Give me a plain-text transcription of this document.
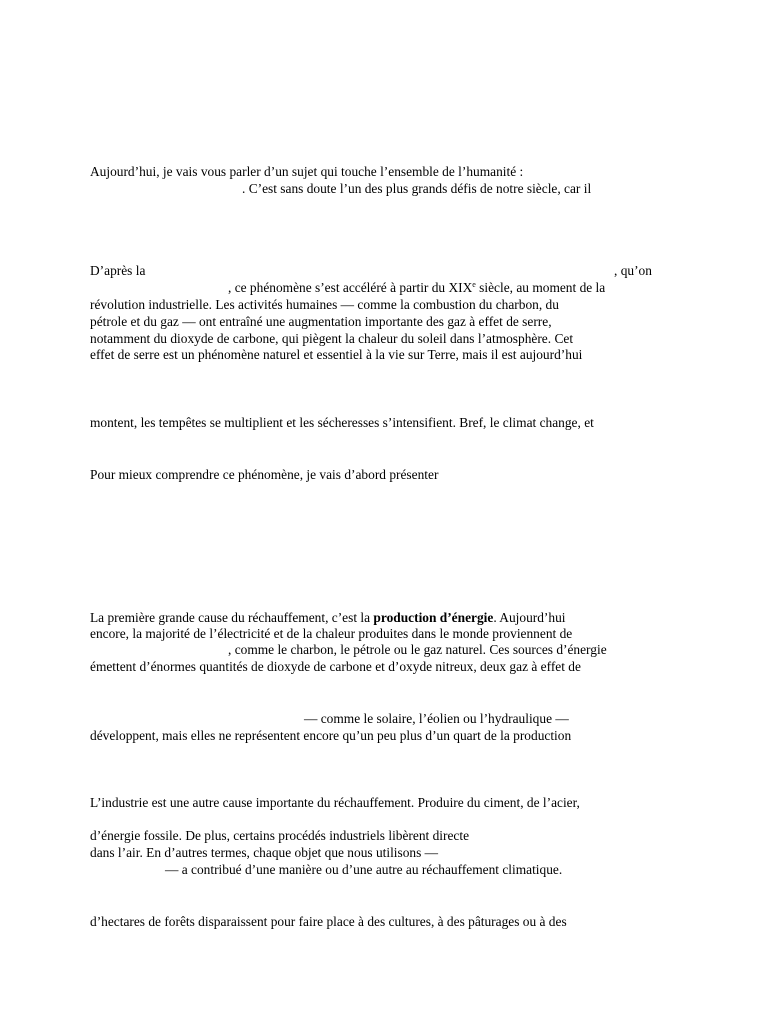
Aujourd’hui, je vais vous parler d’un sujet qui touche l’ensemble de l’humanité :

. C’est sans doute l’un des plus grands défis de notre siècle, car il

D’après la	, qu’on

, ce phénomène s’est accéléré à partir du XIXe siècle, au moment de la

révolution industrielle. Les activités humaines — comme la combustion du charbon, du

pétrole et du gaz — ont entraîné une augmentation importante des gaz à effet de serre,

notamment du dioxyde de carbone, qui piègent la chaleur du soleil dans l’atmosphère. Cet

effet de serre est un phénomène naturel et essentiel à la vie sur Terre, mais il est aujourd’hui

montent, les tempêtes se multiplient et les sécheresses s’intensifient. Bref, le climat change, et

Pour mieux comprendre ce phénomène, je vais d’abord présenter

La première grande cause du réchauffement, c’est la production d’énergie. Aujourd’hui

encore, la majorité de l’électricité et de la chaleur produites dans le monde proviennent de

, comme le charbon, le pétrole ou le gaz naturel. Ces sources d’énergie

émettent d’énormes quantités de dioxyde de carbone et d’oxyde nitreux, deux gaz à effet de

— comme le solaire, l’éolien ou l’hydraulique —

développent, mais elles ne représentent encore qu’un peu plus d’un quart de la production

L’industrie est une autre cause importante du réchauffement. Produire du ciment, de l’acier,

d’énergie fossile. De plus, certains procédés industriels libèrent directe

dans l’air. En d’autres termes, chaque objet que nous utilisons —

— a contribué d’une manière ou d’une autre au réchauffement climatique.

d’hectares de forêts disparaissent pour faire place à des cultures, à des pâturages ou à des
